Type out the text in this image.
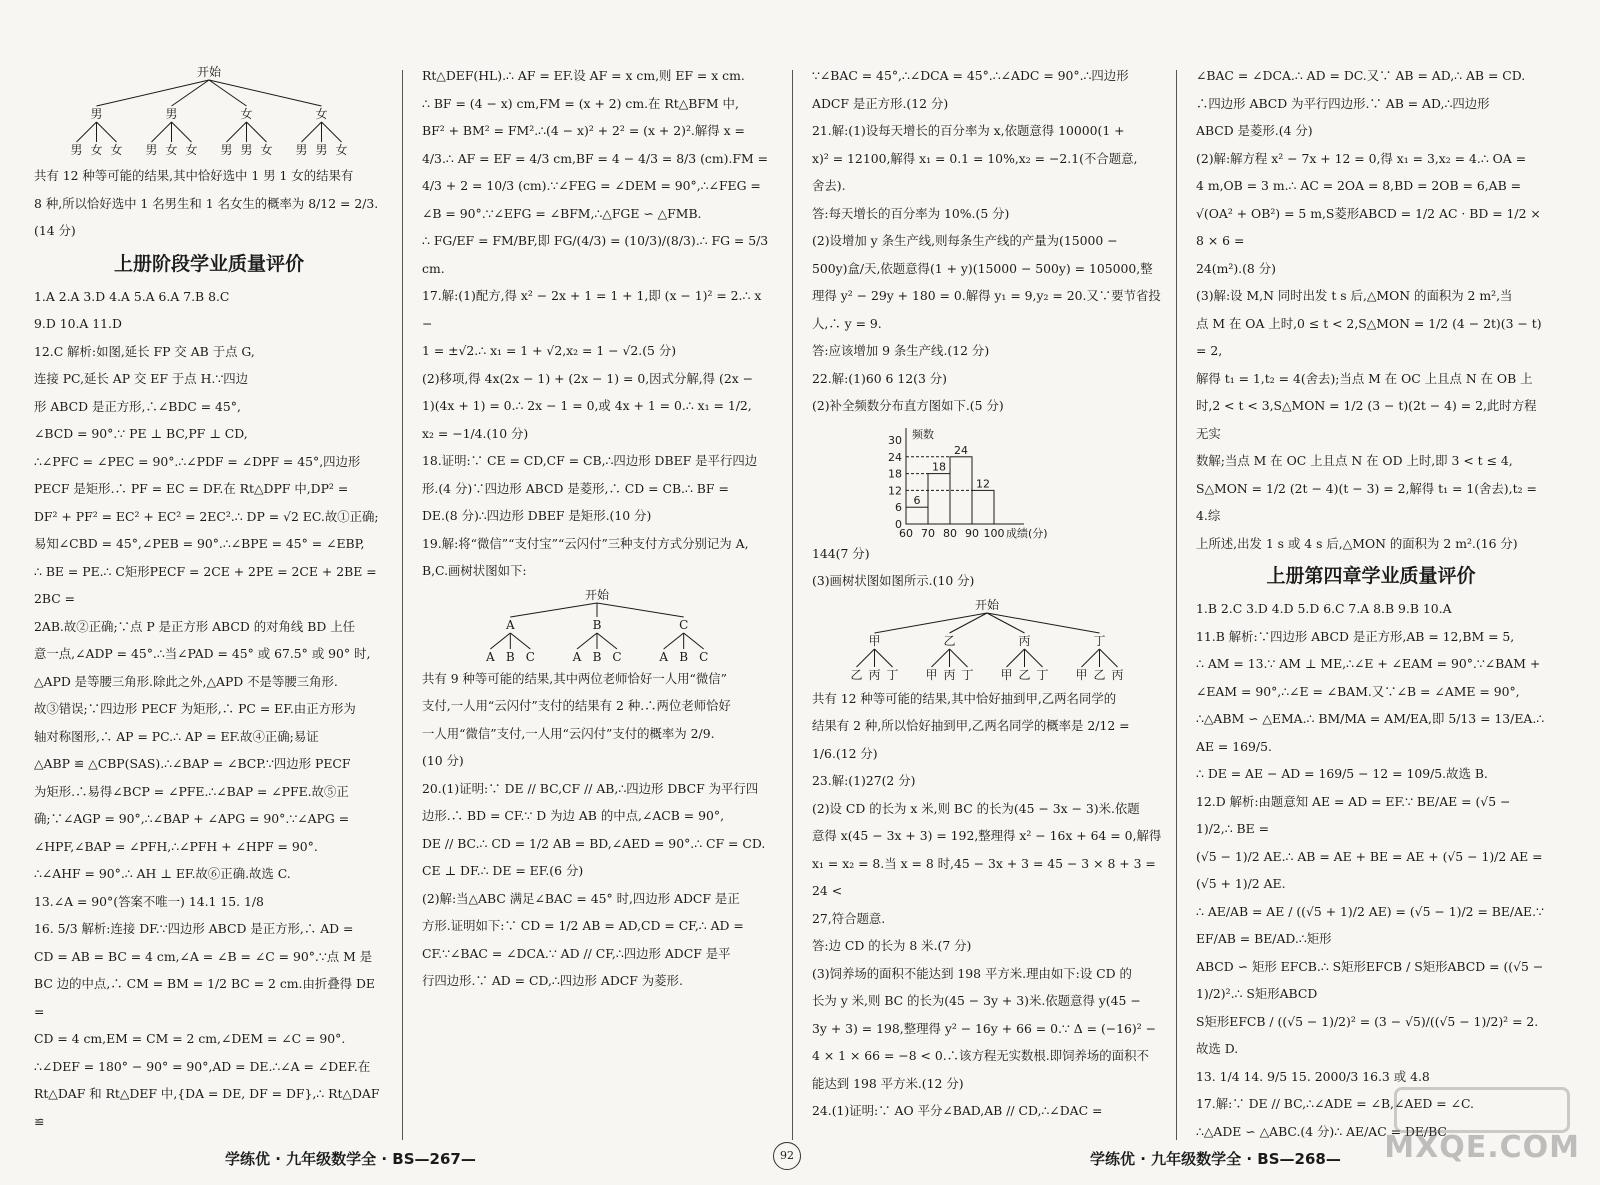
开始
男
男 女 女
男
男 女 女
女
男 男 女
女
男 男 女

共有 12 种等可能的结果,其中恰好选中 1 男 1 女的结果有

8 种,所以恰好选中 1 名男生和 1 名女生的概率为 8/12 = 2/3.

(14 分)

上册阶段学业质量评价

1.A 2.A 3.D 4.A 5.A 6.A 7.B 8.C

9.D 10.A 11.D

12.C 解析:如图,延长 FP 交 AB 于点 G,

连接 PC,延长 AP 交 EF 于点 H.∵四边

形 ABCD 是正方形,∴∠BDC = 45°,

∠BCD = 90°.∵ PE ⊥ BC,PF ⊥ CD,

∴∠PFC = ∠PEC = 90°.∴∠PDF = ∠DPF = 45°,四边形

PECF 是矩形.∴ PF = EC = DF.在 Rt△DPF 中,DP² =

DF² + PF² = EC² + EC² = 2EC².∴ DP = √2 EC.故①正确;

易知∠CBD = 45°,∠PEB = 90°.∴∠BPE = 45° = ∠EBP,

∴ BE = PE.∴ C矩形PECF = 2CE + 2PE = 2CE + 2BE = 2BC =

2AB.故②正确;∵点 P 是正方形 ABCD 的对角线 BD 上任

意一点,∠ADP = 45°.∴当∠PAD = 45° 或 67.5° 或 90° 时,

△APD 是等腰三角形.除此之外,△APD 不是等腰三角形.

故③错误;∵四边形 PECF 为矩形,∴ PC = EF.由正方形为

轴对称图形,∴ AP = PC.∴ AP = EF.故④正确;易证

△ABP ≌ △CBP(SAS).∴∠BAP = ∠BCP.∵四边形 PECF

为矩形.∴易得∠BCP = ∠PFE.∴∠BAP = ∠PFE.故⑤正

确;∵∠AGP = 90°,∴∠BAP + ∠APG = 90°.∵∠APG =

∠HPF,∠BAP = ∠PFH,∴∠PFH + ∠HPF = 90°.

∴∠AHF = 90°.∴ AH ⊥ EF.故⑥正确.故选 C.

13.∠A = 90°(答案不唯一) 14.1 15. 1/8

16. 5/3 解析:连接 DF.∵四边形 ABCD 是正方形,∴ AD =

CD = AB = BC = 4 cm,∠A = ∠B = ∠C = 90°.∵点 M 是

BC 边的中点,∴ CM = BM = 1/2 BC = 2 cm.由折叠得 DE =

CD = 4 cm,EM = CM = 2 cm,∠DEM = ∠C = 90°.

∴∠DEF = 180° − 90° = 90°,AD = DE.∴∠A = ∠DEF.在

Rt△DAF 和 Rt△DEF 中,{DA = DE, DF = DF},∴ Rt△DAF ≌

Rt△DEF(HL).∴ AF = EF.设 AF = x cm,则 EF = x cm.

∴ BF = (4 − x) cm,FM = (x + 2) cm.在 Rt△BFM 中,

BF² + BM² = FM².∴(4 − x)² + 2² = (x + 2)².解得 x =

4/3.∴ AF = EF = 4/3 cm,BF = 4 − 4/3 = 8/3 (cm).FM =

4/3 + 2 = 10/3 (cm).∵∠FEG = ∠DEM = 90°,∴∠FEG =

∠B = 90°.∵∠EFG = ∠BFM,∴△FGE ∽ △FMB.

∴ FG/EF = FM/BF,即 FG/(4/3) = (10/3)/(8/3).∴ FG = 5/3 cm.

17.解:(1)配方,得 x² − 2x + 1 = 1 + 1,即 (x − 1)² = 2.∴ x −

1 = ±√2.∴ x₁ = 1 + √2,x₂ = 1 − √2.(5 分)

(2)移项,得 4x(2x − 1) + (2x − 1) = 0,因式分解,得 (2x −

1)(4x + 1) = 0.∴ 2x − 1 = 0,或 4x + 1 = 0.∴ x₁ = 1/2,

x₂ = −1/4.(10 分)

18.证明:∵ CE = CD,CF = CB,∴四边形 DBEF 是平行四边

形.(4 分)∵四边形 ABCD 是菱形,∴ CD = CB.∴ BF =

DE.(8 分)∴四边形 DBEF 是矩形.(10 分)

19.解:将“微信”“支付宝”“云闪付”三种支付方式分别记为 A,

B,C.画树状图如下:

开始
A
A B C
B
A B C
C
A B C

共有 9 种等可能的结果,其中两位老师恰好一人用“微信”

支付,一人用“云闪付”支付的结果有 2 种.∴两位老师恰好

一人用“微信”支付,一人用“云闪付”支付的概率为 2/9.

(10 分)

20.(1)证明:∵ DE // BC,CF // AB,∴四边形 DBCF 为平行四

边形.∴ BD = CF.∵ D 为边 AB 的中点,∠ACB = 90°,

DE // BC.∴ CD = 1/2 AB = BD,∠AED = 90°.∴ CF = CD.

CE ⊥ DF.∴ DE = EF.(6 分)

(2)解:当△ABC 满足∠BAC = 45° 时,四边形 ADCF 是正

方形.证明如下:∵ CD = 1/2 AB = AD,CD = CF,∴ AD =

CF.∵∠BAC = ∠DCA.∵ AD // CF,∴四边形 ADCF 是平

行四边形.∵ AD = CD,∴四边形 ADCF 为菱形.

∵∠BAC = 45°,∴∠DCA = 45°.∴∠ADC = 90°.∴四边形

ADCF 是正方形.(12 分)

21.解:(1)设每天增长的百分率为 x,依题意得 10000(1 +

x)² = 12100,解得 x₁ = 0.1 = 10%,x₂ = −2.1(不合题意,

舍去).

答:每天增长的百分率为 10%.(5 分)

(2)设增加 y 条生产线,则每条生产线的产量为(15000 −

500y)盒/天,依题意得(1 + y)(15000 − 500y) = 105000,整

理得 y² − 29y + 180 = 0.解得 y₁ = 9,y₂ = 20.又∵要节省投

人,∴ y = 9.

答:应该增加 9 条生产线.(12 分)

22.解:(1)60 6 12(3 分)

(2)补全频数分布直方图如下.(5 分)

频数
0
6
12
18
24
30
6
18
24
12
60 70 80 90 100 成绩(分)

144(7 分)

(3)画树状图如图所示.(10 分)

开始
甲
乙 丙 丁
乙
甲 丙 丁
丙
甲 乙 丁
丁
甲 乙 丙

共有 12 种等可能的结果,其中恰好抽到甲,乙两名同学的

结果有 2 种,所以恰好抽到甲,乙两名同学的概率是 2/12 =

1/6.(12 分)

23.解:(1)27(2 分)

(2)设 CD 的长为 x 米,则 BC 的长为(45 − 3x − 3)米.依题

意得 x(45 − 3x + 3) = 192,整理得 x² − 16x + 64 = 0,解得

x₁ = x₂ = 8.当 x = 8 时,45 − 3x + 3 = 45 − 3 × 8 + 3 = 24 <

27,符合题意.

答:边 CD 的长为 8 米.(7 分)

(3)饲养场的面积不能达到 198 平方米.理由如下:设 CD 的

长为 y 米,则 BC 的长为(45 − 3y + 3)米.依题意得 y(45 −

3y + 3) = 198,整理得 y² − 16y + 66 = 0.∵ Δ = (−16)² −

4 × 1 × 66 = −8 < 0.∴该方程无实数根.即饲养场的面积不

能达到 198 平方米.(12 分)

24.(1)证明:∵ AO 平分∠BAD,AB // CD,∴∠DAC =

∠BAC = ∠DCA.∴ AD = DC.又∵ AB = AD,∴ AB = CD.

∴四边形 ABCD 为平行四边形.∵ AB = AD,∴四边形

ABCD 是菱形.(4 分)

(2)解:解方程 x² − 7x + 12 = 0,得 x₁ = 3,x₂ = 4.∴ OA =

4 m,OB = 3 m.∴ AC = 2OA = 8,BD = 2OB = 6,AB =

√(OA² + OB²) = 5 m,S菱形ABCD = 1/2 AC · BD = 1/2 × 8 × 6 =

24(m²).(8 分)

(3)解:设 M,N 同时出发 t s 后,△MON 的面积为 2 m²,当

点 M 在 OA 上时,0 ≤ t < 2,S△MON = 1/2 (4 − 2t)(3 − t) = 2,

解得 t₁ = 1,t₂ = 4(舍去);当点 M 在 OC 上且点 N 在 OB 上

时,2 < t < 3,S△MON = 1/2 (3 − t)(2t − 4) = 2,此时方程无实

数解;当点 M 在 OC 上且点 N 在 OD 上时,即 3 < t ≤ 4,

S△MON = 1/2 (2t − 4)(t − 3) = 2,解得 t₁ = 1(舍去),t₂ = 4.综

上所述,出发 1 s 或 4 s 后,△MON 的面积为 2 m².(16 分)

上册第四章学业质量评价

1.B 2.C 3.D 4.D 5.D 6.C 7.A 8.B 9.B 10.A

11.B 解析:∵四边形 ABCD 是正方形,AB = 12,BM = 5,

∴ AM = 13.∵ AM ⊥ ME,∴∠E + ∠EAM = 90°.∵∠BAM +

∠EAM = 90°,∴∠E = ∠BAM.又∵∠B = ∠AME = 90°,

∴△ABM ∽ △EMA.∴ BM/MA = AM/EA,即 5/13 = 13/EA.∴ AE = 169/5.

∴ DE = AE − AD = 169/5 − 12 = 109/5.故选 B.

12.D 解析:由题意知 AE = AD = EF.∵ BE/AE = (√5 − 1)/2,∴ BE =

(√5 − 1)/2 AE.∴ AB = AE + BE = AE + (√5 − 1)/2 AE = (√5 + 1)/2 AE.

∴ AE/AB = AE / ((√5 + 1)/2 AE) = (√5 − 1)/2 = BE/AE.∵ EF/AB = BE/AD.∴矩形

ABCD ∽ 矩形 EFCB.∴ S矩形EFCB / S矩形ABCD = ((√5 − 1)/2)².∴ S矩形ABCD

S矩形EFCB / ((√5 − 1)/2)² = (3 − √5)/((√5 − 1)/2)² = 2.故选 D.

13. 1/4 14. 9/5 15. 2000/3 16.3 或 4.8

17.解:∵ DE // BC,∴∠ADE = ∠B,∠AED = ∠C.

∴△ADE ∽ △ABC.(4 分)∴ AE/AC = DE/BC

学练优 · 九年级数学全 · BS—267—	92	学练优 · 九年级数学全 · BS—268— MXQE.COM
